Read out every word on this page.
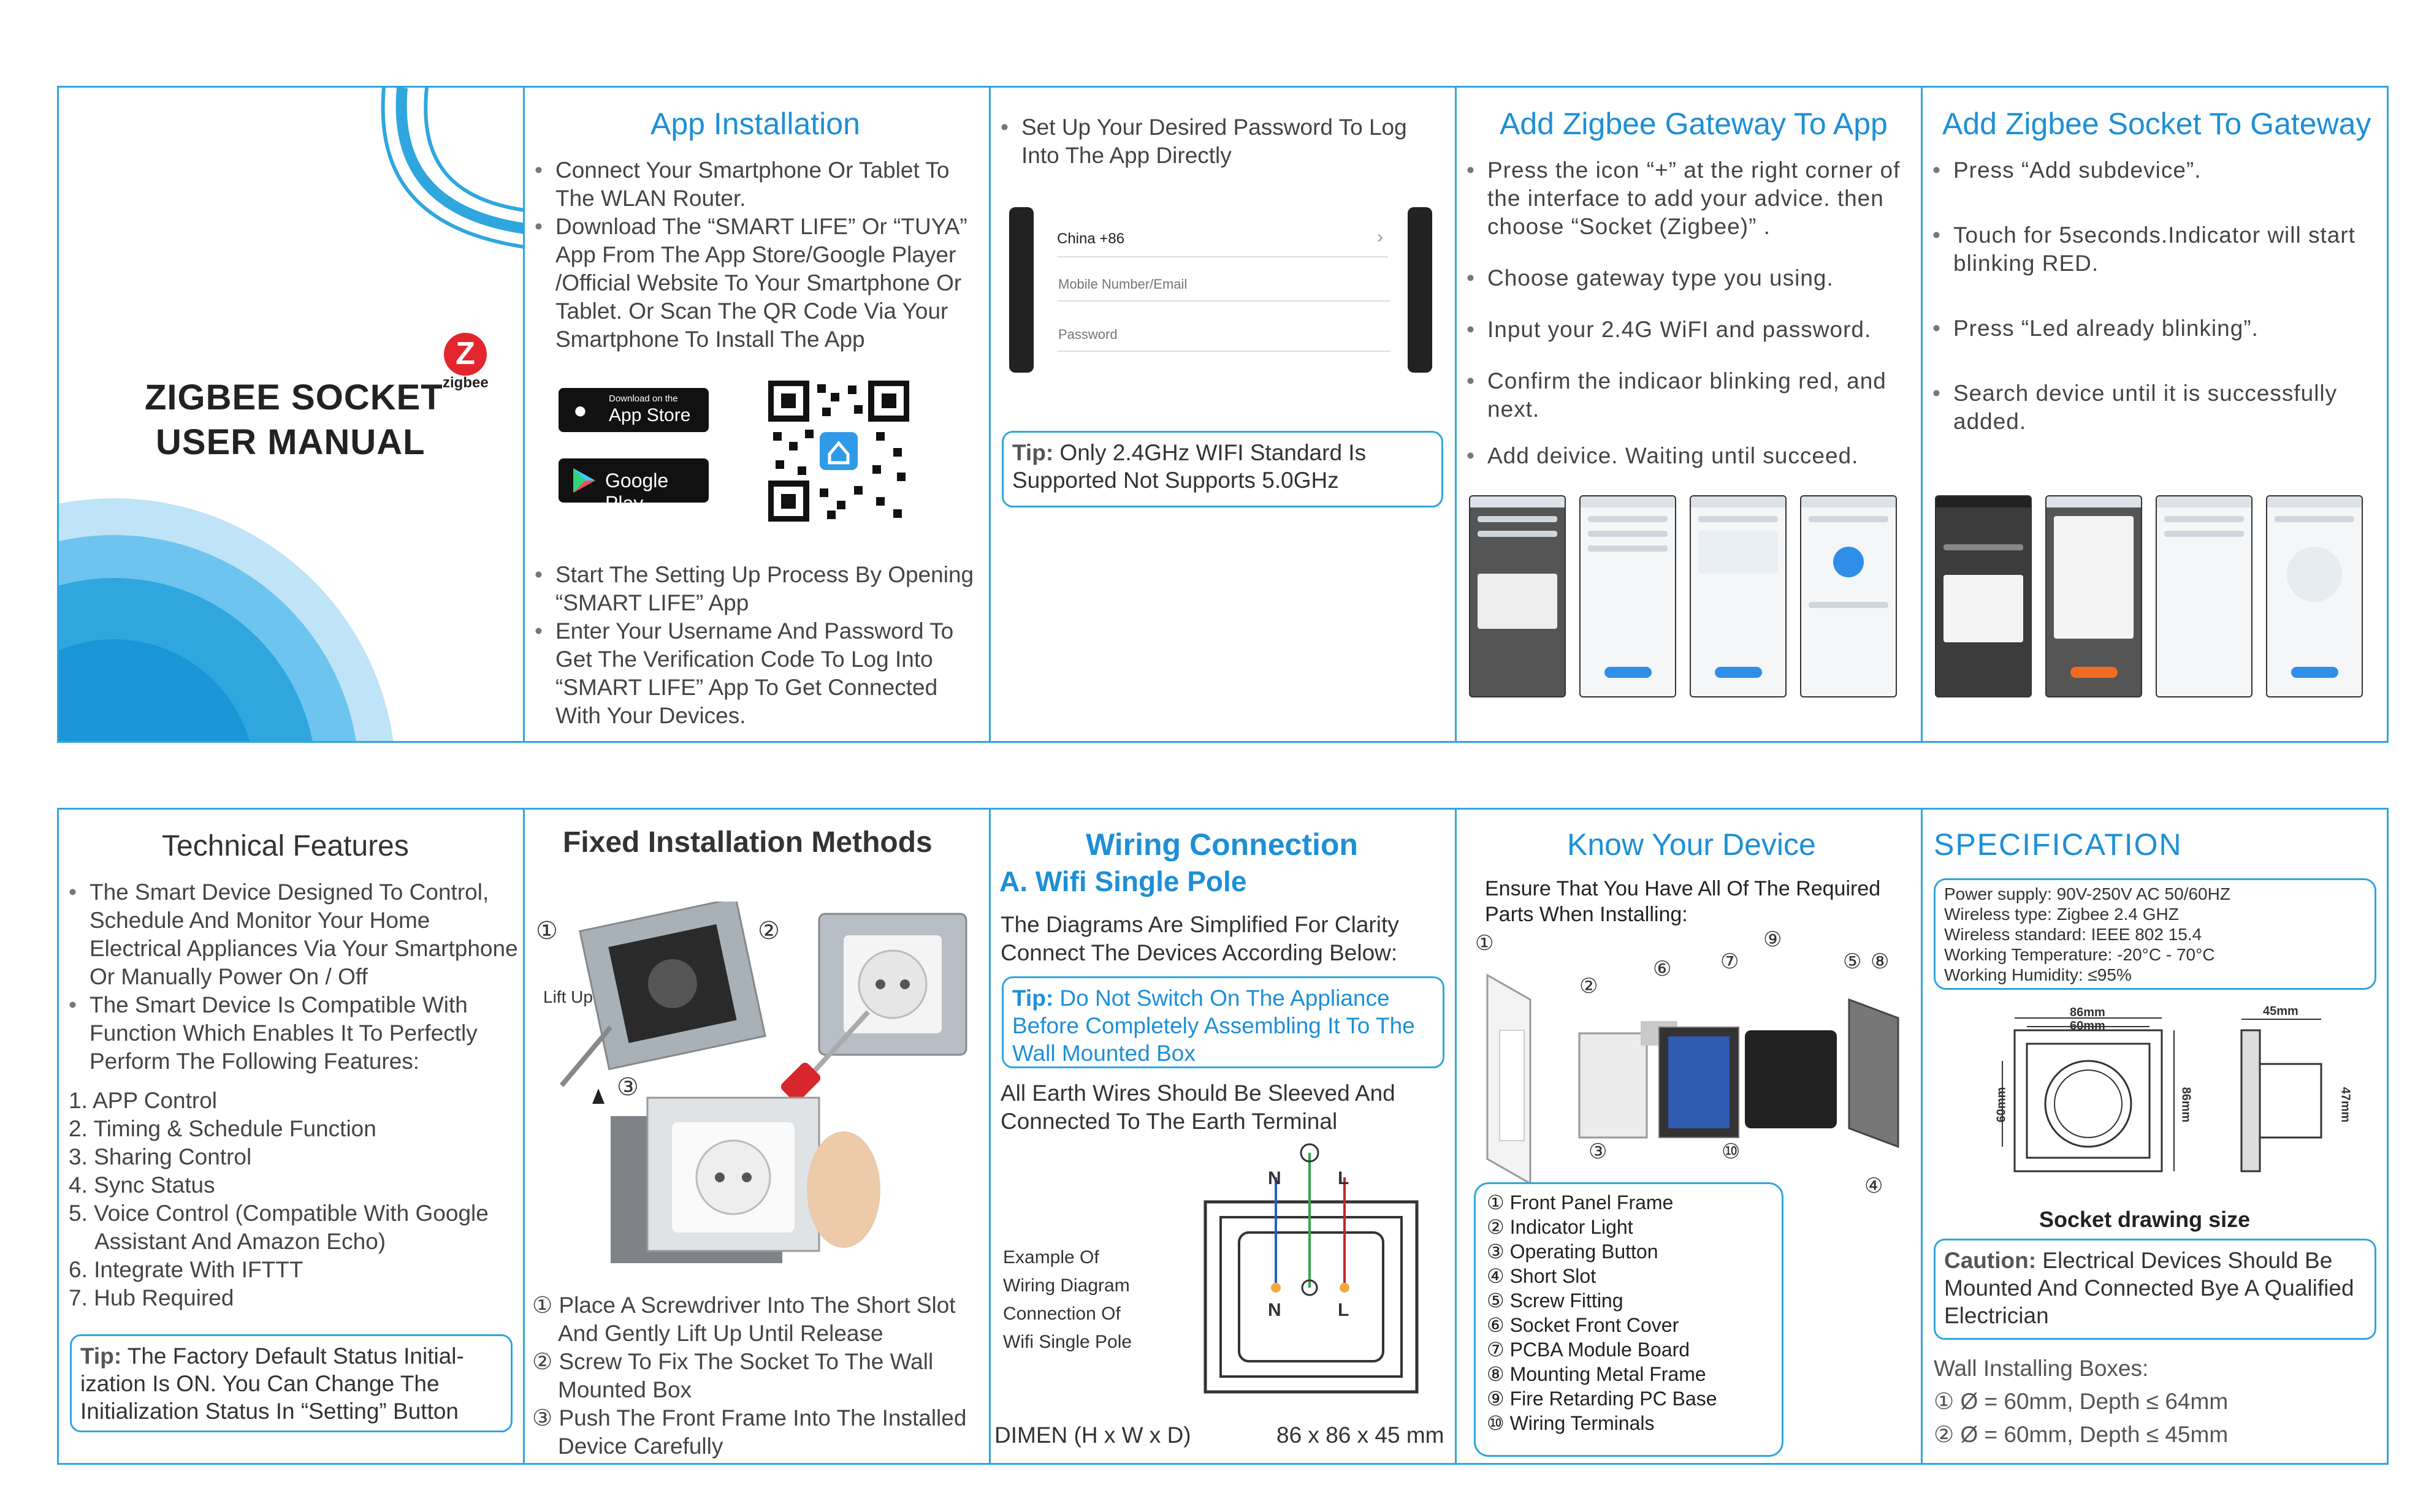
ZIGBEE SOCKET
USER MANUAL
Z
zigbee
App Installation
• Connect Your Smartphone Or Tablet To The WLAN Router.
• Download The “SMART LIFE” Or “TUYA” App From The App Store/Google Player /Official Website To Your Smartphone Or Tablet. Or Scan The QR Code Via Your Smartphone To Install The App
● Download on the
App Store
Google Play
• Start The Setting Up Process By Opening “SMART LIFE” App
• Enter Your Username And Password To Get The Verification Code To Log Into “SMART LIFE” App To Get Connected With Your Devices.
• Set Up Your Desired Password To Log Into The App Directly
China +86	›
Mobile Number/Email
Tip: Only 2.4GHz WIFI Standard Is Supported Not Supports 5.0GHz
Add Zigbee Gateway To App
• Press the icon “+” at the right corner of the interface to add your advice. then choose “Socket (Zigbee)” .
• Choose gateway type you using.
• Input your 2.4G WiFI and password.
• Confirm the indicaor blinking red, and next.
• Add deivice. Waiting until succeed.
Add Zigbee Socket To Gateway
• Press “Add subdevice”.
• Touch for 5seconds.Indicator will start blinking RED.
• Press “Led already blinking”.
• Search device until it is successfully added.
Technical Features
• The Smart Device Designed To Control, Schedule And Monitor Your Home Electrical Appliances Via Your Smartphone Or Manually Power On / Off
• The Smart Device Is Compatible With Function Which Enables It To Perfectly Perform The Following Features:

1. APP Control

2. Timing & Schedule Function

3. Sharing Control

4. Sync Status

5. Voice Control (Compatible With Google Assistant And Amazon Echo)

6. Integrate With IFTTT

7. Hub Required

Tip: The Factory Default Status Initial-ization Is ON. You Can Change The Initialization Status In “Setting” Button
Fixed Installation Methods
①	②
③
Lift Up

① Place A Screwdriver Into The Short Slot And Gently Lift Up Until Release

② Screw To Fix The Socket To The Wall Mounted Box

③ Push The Front Frame Into The Installed Device Carefully

Wiring Connection
A. Wifi Single Pole
The Diagrams Are Simplified For Clarity Connect The Devices According Below:
Tip: Do Not Switch On The Appliance Before Completely Assembling It To The Wall Mounted Box
All Earth Wires Should Be Sleeved And Connected To The Earth Terminal

Example Of

Wiring Diagram

Connection Of

Wifi Single Pole

N	L
N	L
DIMEN (H x W x D)	86 x 86 x 45 mm
Know Your Device
Ensure That You Have All Of The Required Parts When Installing:
①
②
③
④
⑤
⑥ ⑦	⑧
⑨
⑩

① Front Panel Frame

② Indicator Light

③ Operating Button

④ Short Slot

⑤ Screw Fitting

⑥ Socket Front Cover

⑦ PCBA Module Board

⑧ Mounting Metal Frame

⑨ Fire Retarding PC Base

⑩ Wiring Terminals

SPECIFICATION

Power supply: 90V-250V AC 50/60HZ

Wireless type: Zigbee 2.4 GHZ

Wireless standard: IEEE 802 15.4

Working Temperature: -20°C - 70°C

Working Humidity: ≤95%

86mm
60mm
86mm
60mm
45mm
47mm
Socket drawing size
Caution: Electrical Devices Should Be Mounted And Connected Bye A Qualified Electrician

Wall Installing Boxes:

① Ø = 60mm, Depth ≤ 64mm

② Ø = 60mm, Depth ≤ 45mm
